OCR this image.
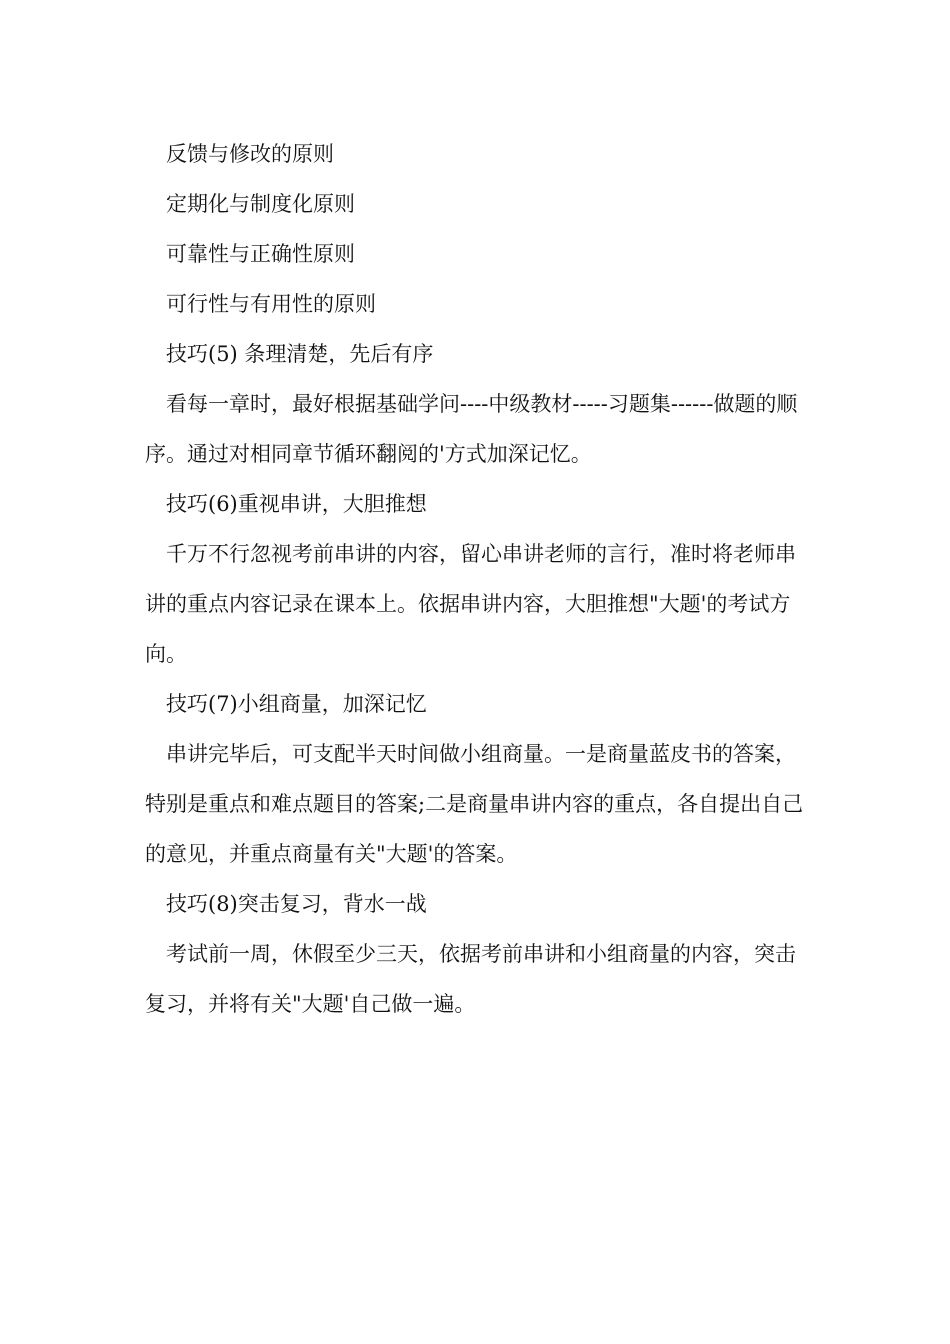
反馈与修改的原则

定期化与制度化原则

可靠性与正确性原则

可行性与有用性的原则

技巧(5) 条理清楚，先后有序

看每一章时，最好根据基础学问----中级教材-----习题集------做题的顺序。通过对相同章节循环翻阅的'方式加深记忆。

技巧(6)重视串讲，大胆推想

千万不行忽视考前串讲的内容，留心串讲老师的言行，准时将老师串讲的重点内容记录在课本上。依据串讲内容，大胆推想"大题'的考试方向。

技巧(7)小组商量，加深记忆

串讲完毕后，可支配半天时间做小组商量。一是商量蓝皮书的答案，特别是重点和难点题目的答案;二是商量串讲内容的重点，各自提出自己的意见，并重点商量有关"大题'的答案。

技巧(8)突击复习，背水一战

考试前一周，休假至少三天，依据考前串讲和小组商量的内容，突击复习，并将有关"大题'自己做一遍。
